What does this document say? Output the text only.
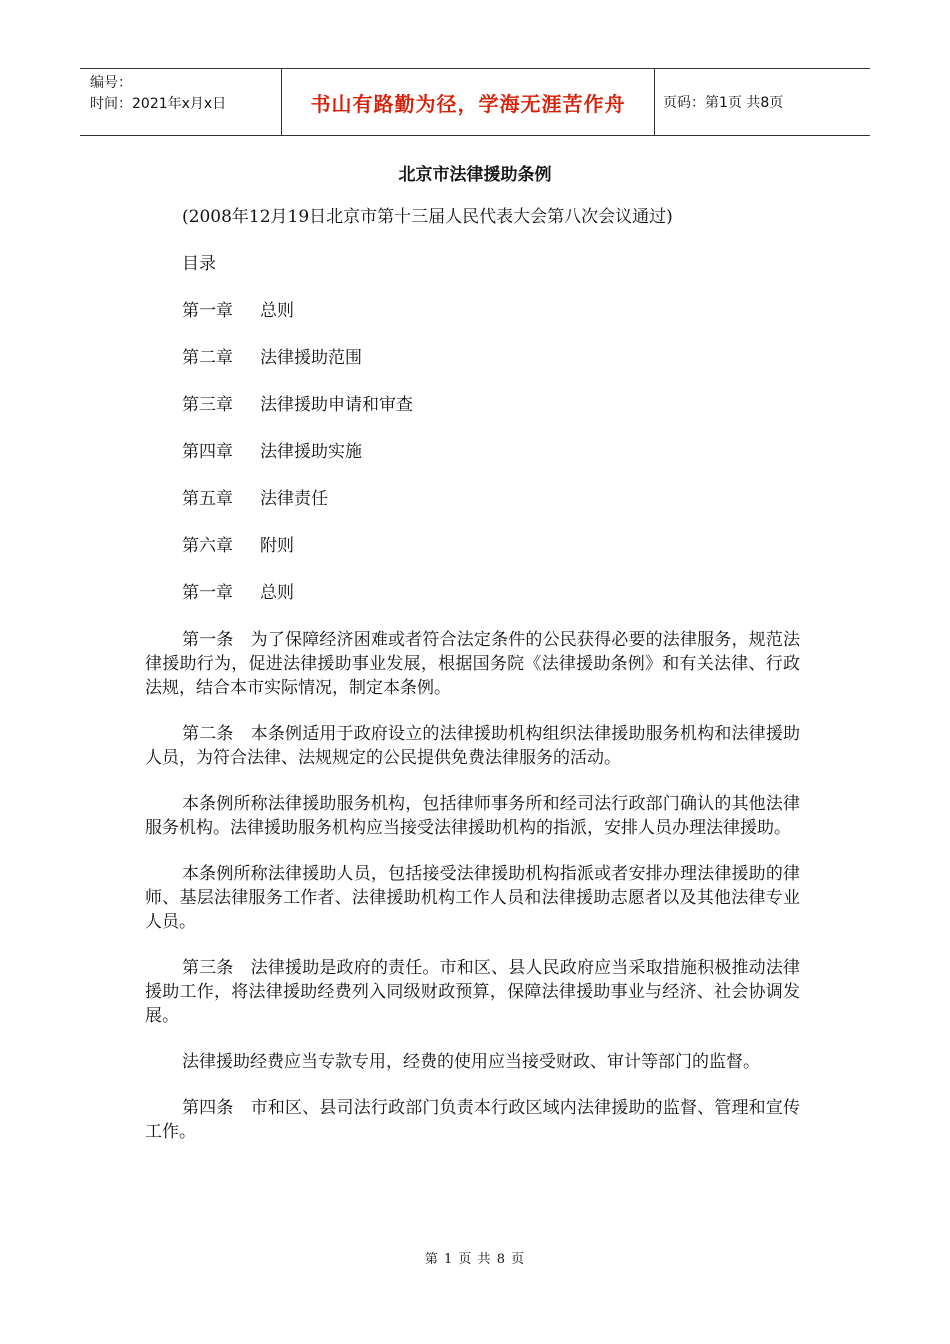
编号：
时间：2021年x月x日	书山有路勤为径，学海无涯苦作舟	页码：第1页 共8页
北京市法律援助条例
(2008年12月19日北京市第十三届人民代表大会第八次会议通过)
目录
第一章	总则
第二章	法律援助范围
第三章	法律援助申请和审查
第四章	法律援助实施
第五章	法律责任
第六章	附则
第一章	总则

第一条　为了保障经济困难或者符合法定条件的公民获得必要的法律服务，规范法律援助行为，促进法律援助事业发展，根据国务院《法律援助条例》和有关法律、行政法规，结合本市实际情况，制定本条例。

第二条　本条例适用于政府设立的法律援助机构组织法律援助服务机构和法律援助人员，为符合法律、法规规定的公民提供免费法律服务的活动。

本条例所称法律援助服务机构，包括律师事务所和经司法行政部门确认的其他法律服务机构。法律援助服务机构应当接受法律援助机构的指派，安排人员办理法律援助。

本条例所称法律援助人员，包括接受法律援助机构指派或者安排办理法律援助的律师、基层法律服务工作者、法律援助机构工作人员和法律援助志愿者以及其他法律专业人员。

第三条　法律援助是政府的责任。市和区、县人民政府应当采取措施积极推动法律援助工作，将法律援助经费列入同级财政预算，保障法律援助事业与经济、社会协调发展。

法律援助经费应当专款专用，经费的使用应当接受财政、审计等部门的监督。

第四条　市和区、县司法行政部门负责本行政区域内法律援助的监督、管理和宣传工作。

第 1 页 共 8 页
